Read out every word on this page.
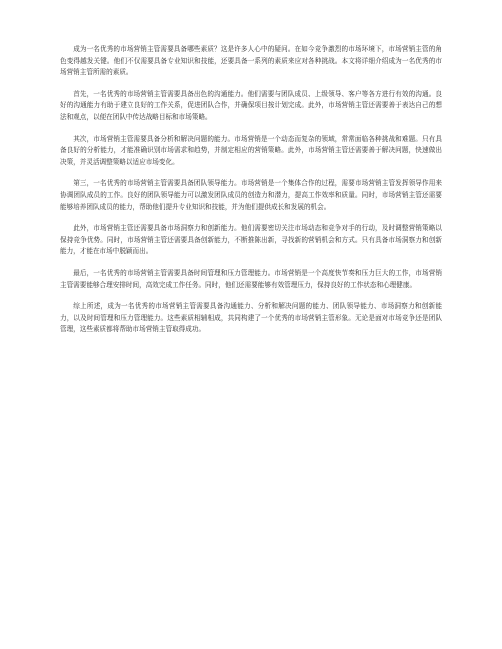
成为一名优秀的市场营销主管需要具备哪些素质？这是许多人心中的疑问。在如今竞争激烈的市场环境下，市场营销主管的角色变得越发关键。他们不仅需要具备专业知识和技能，还要具备一系列的素质来应对各种挑战。本文将详细介绍成为一名优秀的市场营销主管所需的素质。

首先，一名优秀的市场营销主管需要具备出色的沟通能力。他们需要与团队成员、上级领导、客户等各方进行有效的沟通。良好的沟通能力有助于建立良好的工作关系，促进团队合作，并确保项目按计划完成。此外，市场营销主管还需要善于表达自己的想法和观点，以便在团队中传达战略目标和市场策略。

其次，市场营销主管需要具备分析和解决问题的能力。市场营销是一个动态而复杂的领域，常常面临各种挑战和难题。只有具备良好的分析能力，才能准确识别市场需求和趋势，并制定相应的营销策略。此外，市场营销主管还需要善于解决问题，快速做出决策，并灵活调整策略以适应市场变化。

第三，一名优秀的市场营销主管需要具备团队领导能力。市场营销是一个集体合作的过程，需要市场营销主管发挥领导作用来协调团队成员的工作。良好的团队领导能力可以激发团队成员的创造力和潜力，提高工作效率和质量。同时，市场营销主管还需要能够培养团队成员的能力，帮助他们提升专业知识和技能，并为他们提供成长和发展的机会。

此外，市场营销主管还需要具备市场洞察力和创新能力。他们需要密切关注市场动态和竞争对手的行动，及时调整营销策略以保持竞争优势。同时，市场营销主管还需要具备创新能力，不断推陈出新，寻找新的营销机会和方式。只有具备市场洞察力和创新能力，才能在市场中脱颖而出。

最后，一名优秀的市场营销主管需要具备时间管理和压力管理能力。市场营销是一个高度快节奏和压力巨大的工作，市场营销主管需要能够合理安排时间，高效完成工作任务。同时，他们还需要能够有效管理压力，保持良好的工作状态和心理健康。

综上所述，成为一名优秀的市场营销主管需要具备沟通能力、分析和解决问题的能力、团队领导能力、市场洞察力和创新能力，以及时间管理和压力管理能力。这些素质相辅相成，共同构建了一个优秀的市场营销主管形象。无论是面对市场竞争还是团队管理，这些素质都将帮助市场营销主管取得成功。
